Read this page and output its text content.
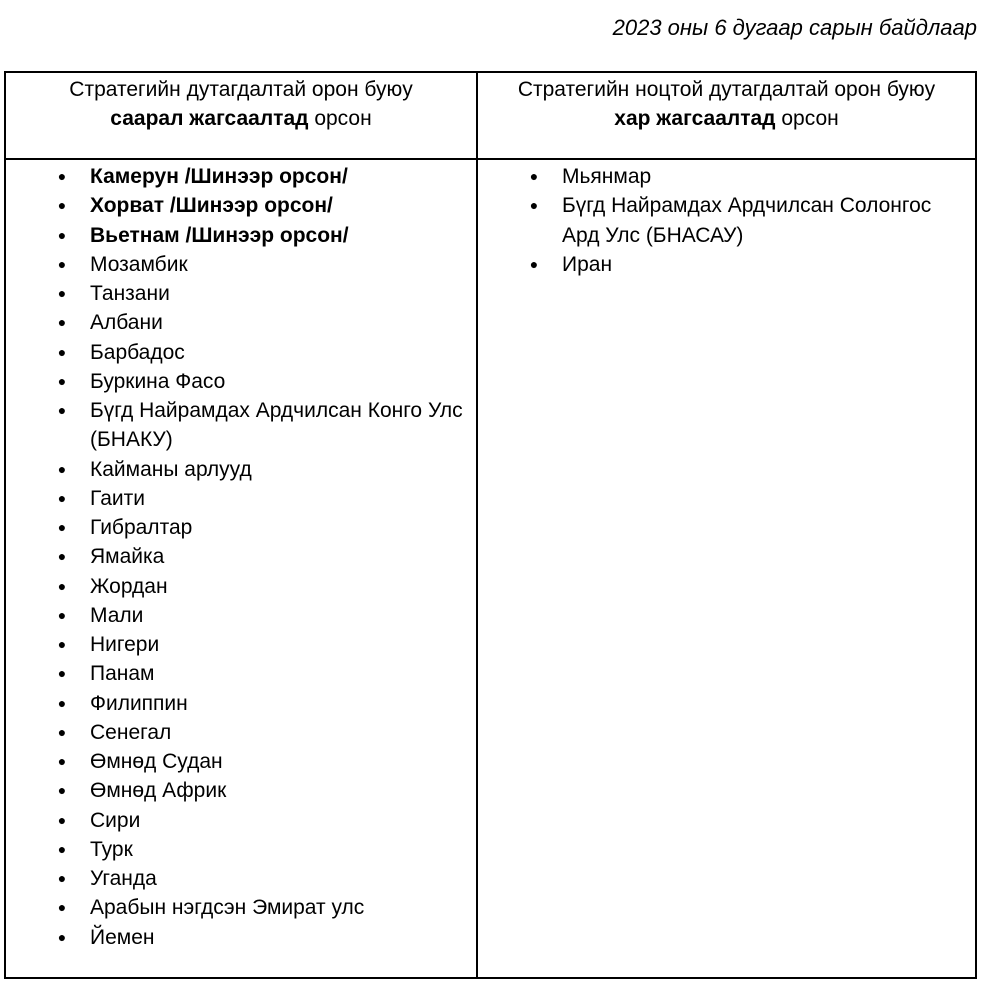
2023 оны 6 дугаар сарын байдлаар
Стратегийн дутагдалтай орон буюу саарал жагсаалтад орсон
Стратегийн ноцтой дутагдалтай орон буюу хар жагсаалтад орсон
● Камерун /Шинээр орсон/
● Хорват /Шинээр орсон/
● Вьетнам /Шинээр орсон/
● Мозамбик
● Танзани
● Албани
● Барбадос
● Буркина Фасо
● Бүгд Найрамдах Ардчилсан Конго Улс (БНАКУ)
● Кайманы арлууд
● Гаити
● Гибралтар
● Ямайка
● Жордан
● Мали
● Нигери
● Панам
● Филиппин
● Сенегал
● Өмнөд Судан
● Өмнөд Африк
● Сири
● Турк
● Уганда
● Арабын нэгдсэн Эмират улс
● Йемен
● Мьянмар
● Бүгд Найрамдах Ардчилсан Солонгос Ард Улс (БНАСАУ)
● Иран
